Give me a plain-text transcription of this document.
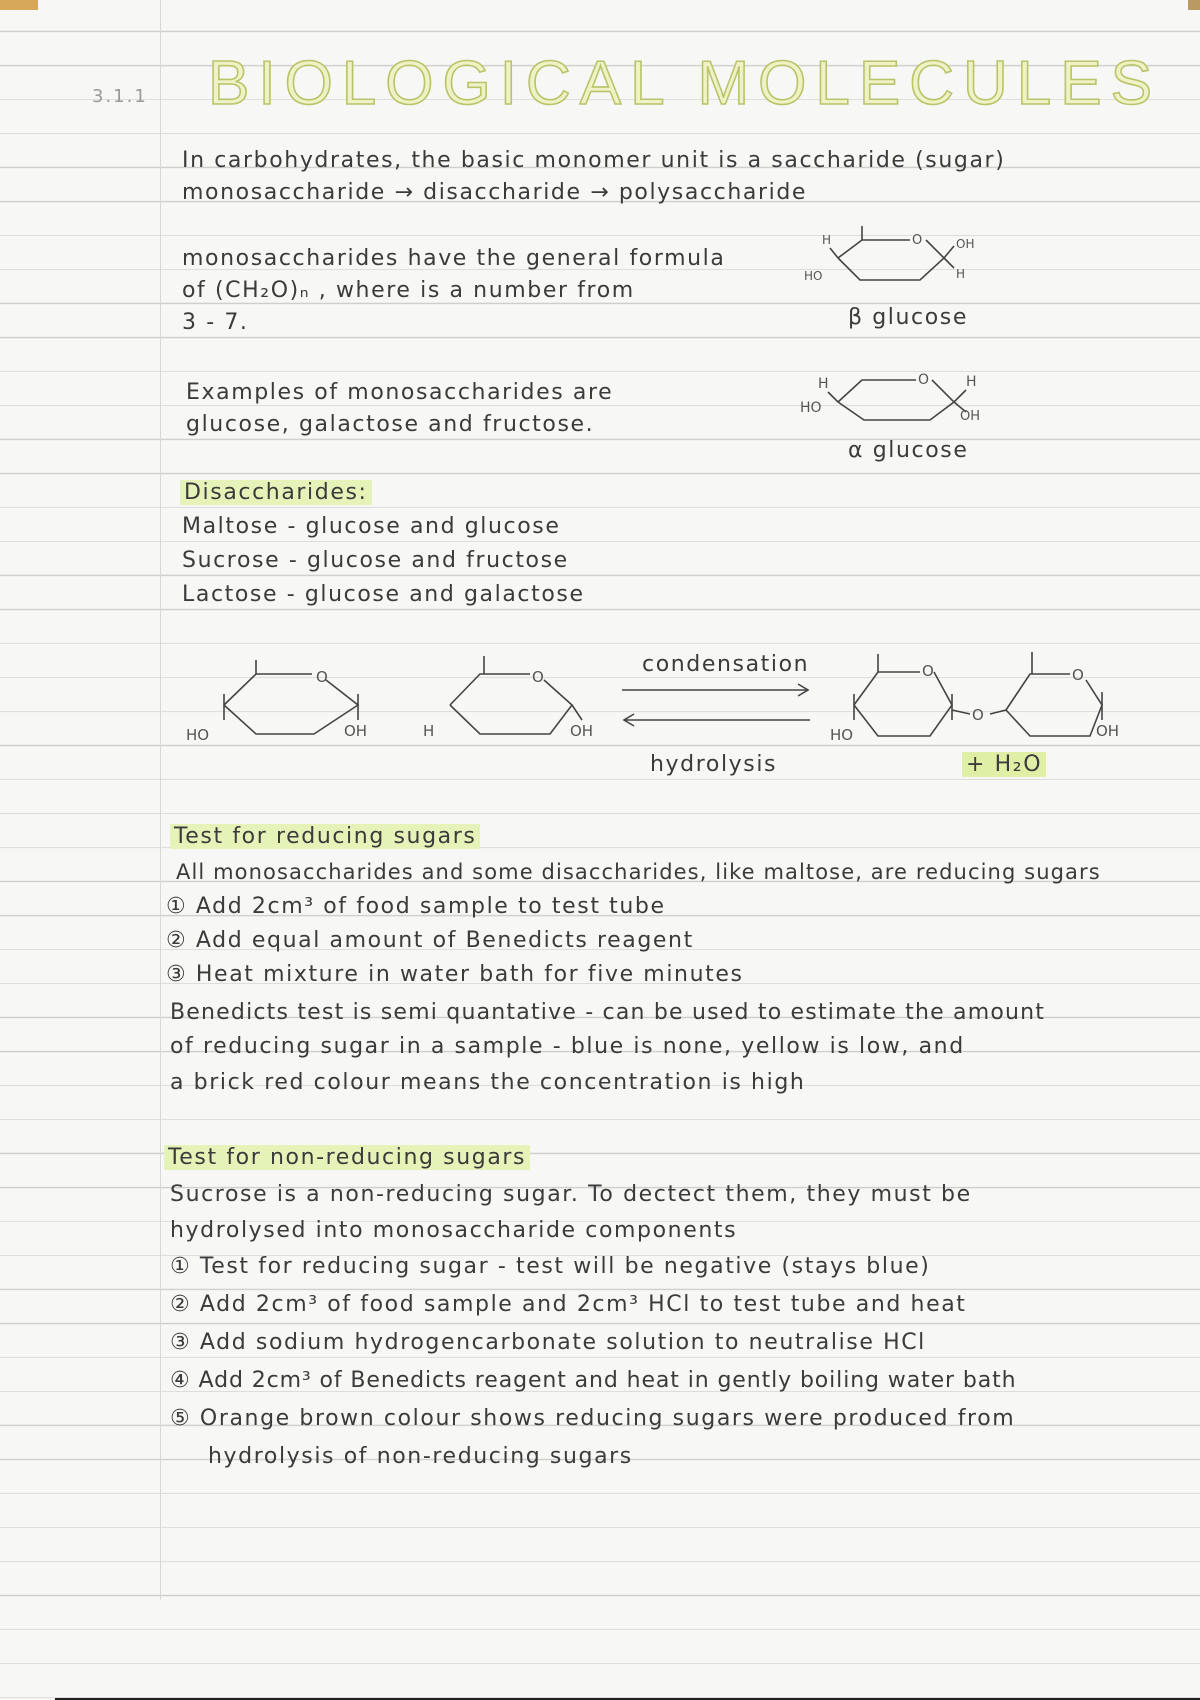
3.1.1 BIOLOGICAL MOLECULES
In carbohydrates, the basic monomer unit is a saccharide (sugar)
monosaccharide → disaccharide → polysaccharide
monosaccharides have the general formula
of (CH₂O)ₙ , where is a number from
3 - 7.
Examples of monosaccharides are
glucose, galactose and fructose.
H	O	OH
HO	H
β glucose
H	O	H
HO
OH
α glucose
Disaccharides:
Maltose - glucose and glucose
Sucrose - glucose and fructose
Lactose - glucose and galactose
HO
O
OH	H
O
OH	HO
O
O
O
OH
condensation
hydrolysis	+ H₂O
Test for reducing sugars
All monosaccharides and some disaccharides, like maltose, are reducing sugars
① Add 2cm³ of food sample to test tube
② Add equal amount of Benedicts reagent
③ Heat mixture in water bath for five minutes
Benedicts test is semi quantative - can be used to estimate the amount
of reducing sugar in a sample - blue is none, yellow is low, and
a brick red colour means the concentration is high
Test for non-reducing sugars
Sucrose is a non-reducing sugar. To dectect them, they must be
hydrolysed into monosaccharide components
① Test for reducing sugar - test will be negative (stays blue)
② Add 2cm³ of food sample and 2cm³ HCl to test tube and heat
③ Add sodium hydrogencarbonate solution to neutralise HCl
④ Add 2cm³ of Benedicts reagent and heat in gently boiling water bath
⑤ Orange brown colour shows reducing sugars were produced from
hydrolysis of non-reducing sugars
